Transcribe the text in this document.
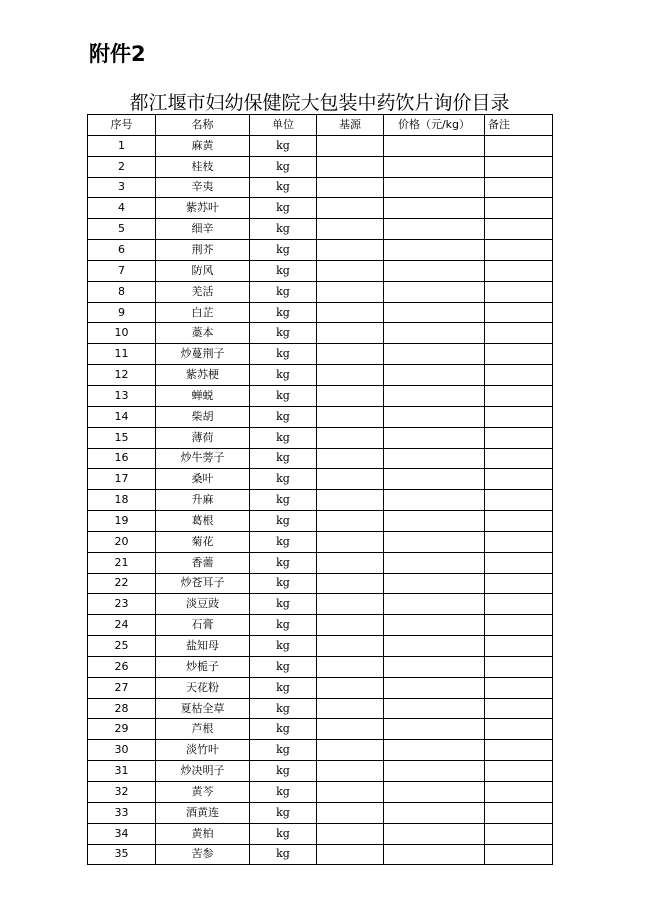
附件2
都江堰市妇幼保健院大包装中药饮片询价目录
序号	名称	单位	基源	价格（元/kg）	备注
1	麻黄	kg			
2	桂枝	kg			
3	辛夷	kg			
4	紫苏叶	kg			
5	细辛	kg			
6	荆芥	kg			
7	防风	kg			
8	羌活	kg			
9	白芷	kg			
10	藁本	kg			
11	炒蔓荆子	kg			
12	紫苏梗	kg			
13	蝉蜕	kg			
14	柴胡	kg			
15	薄荷	kg			
16	炒牛蒡子	kg			
17	桑叶	kg			
18	升麻	kg			
19	葛根	kg			
20	菊花	kg			
21	香薷	kg			
22	炒苍耳子	kg			
23	淡豆豉	kg			
24	石膏	kg			
25	盐知母	kg			
26	炒栀子	kg			
27	天花粉	kg			
28	夏枯全草	kg			
29	芦根	kg			
30	淡竹叶	kg			
31	炒决明子	kg			
32	黄芩	kg			
33	酒黄连	kg			
34	黄柏	kg			
35	苦参	kg			
